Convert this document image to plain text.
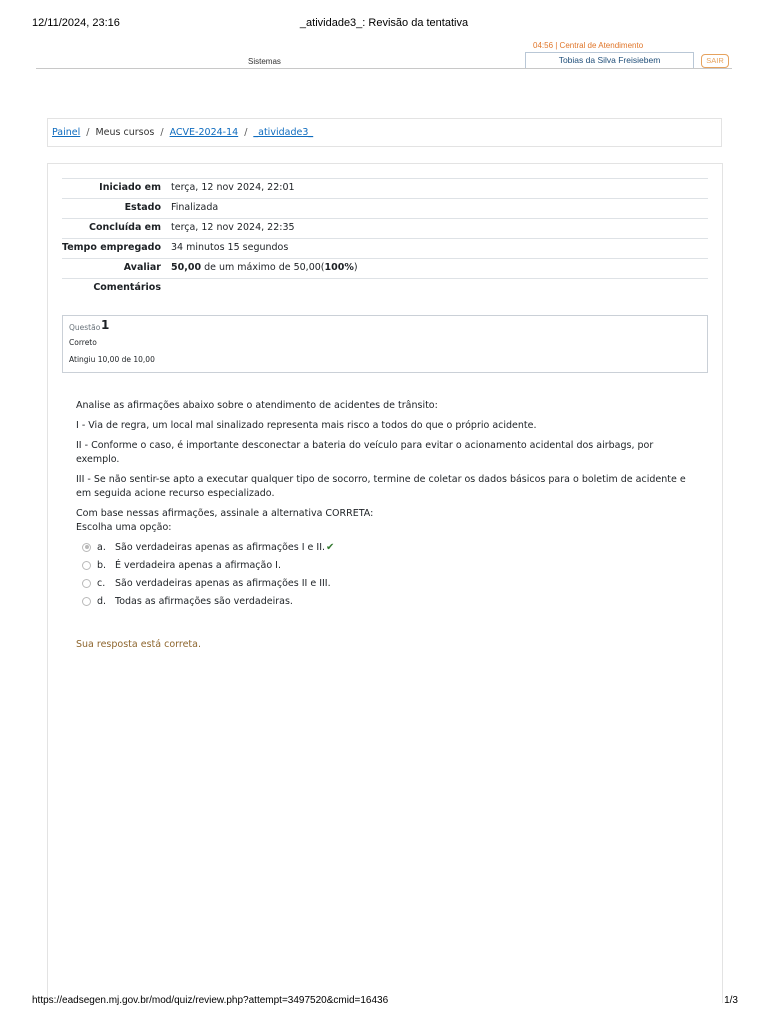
12/11/2024, 23:16	_atividade3_: Revisão da tentativa
04:56 | Central de Atendimento
Sistemas	Tobias da Silva Freisiebem	SAIR
Painel / Meus cursos / ACVE-2024-14 / _atividade3_
Iniciado em	terça, 12 nov 2024, 22:01
Estado	Finalizada
Concluída em	terça, 12 nov 2024, 22:35
Tempo empregado	34 minutos 15 segundos
Avaliar	50,00 de um máximo de 50,00(100%)
Comentários	
Questão 1
Correto
Atingiu 10,00 de 10,00

Analise as afirmações abaixo sobre o atendimento de acidentes de trânsito:

I - Via de regra, um local mal sinalizado representa mais risco a todos do que o próprio acidente.

II - Conforme o caso, é importante desconectar a bateria do veículo para evitar o acionamento acidental dos airbags, por exemplo.

III - Se não sentir-se apto a executar qualquer tipo de socorro, termine de coletar os dados básicos para o boletim de acidente e em seguida acione recurso especializado.

Com base nessas afirmações, assinale a alternativa CORRETA:

Escolha uma opção:
a. São verdadeiras apenas as afirmações I e II. ✔
b. É verdadeira apenas a afirmação I.
c.	São verdadeiras apenas as afirmações II e III.
d. Todas as afirmações são verdadeiras.
Sua resposta está correta.
https://eadsegen.mj.gov.br/mod/quiz/review.php?attempt=3497520&cmid=16436	1/3
